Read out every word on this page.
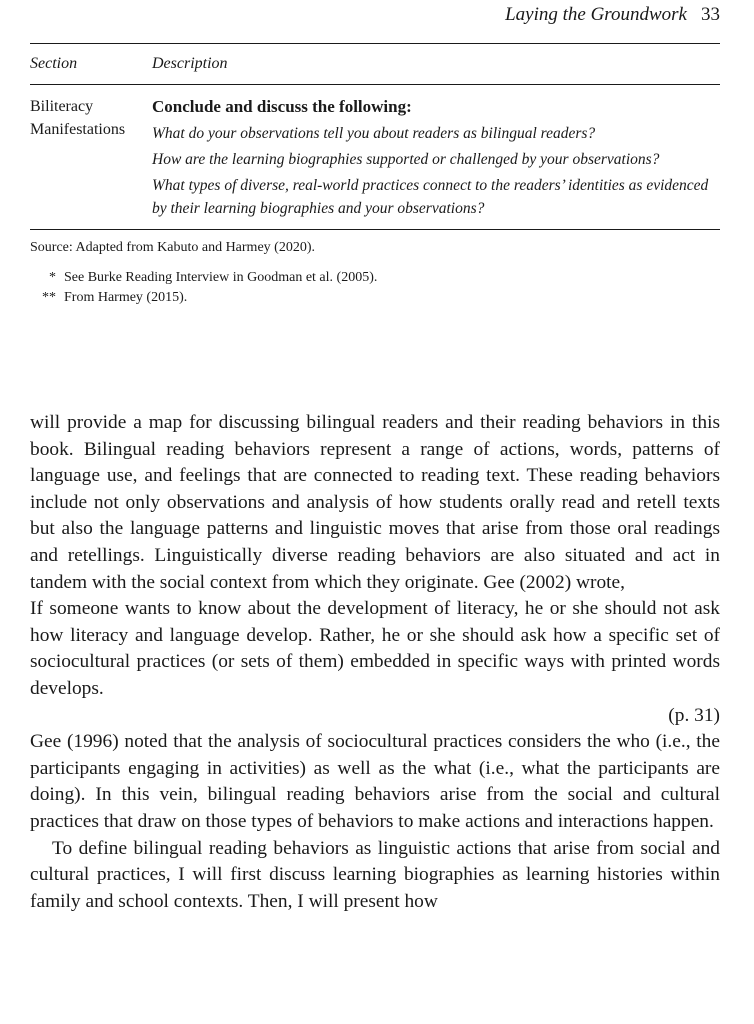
Laying the Groundwork 33
Section	Description
Biliteracy
Manifestations

Conclude and discuss the following:

What do your observations tell you about readers as bilingual readers?

How are the learning biographies supported or challenged by your observations?

What types of diverse, real-world practices connect to the readers’ identities as evidenced by their learning biographies and your observations?

Source: Adapted from Kabuto and Harmey (2020).

* See Burke Reading Interview in Goodman et al. (2005).

** From Harmey (2015).

will provide a map for discussing bilingual readers and their reading behaviors in this book. Bilingual reading behaviors represent a range of actions, words, patterns of language use, and feelings that are connected to reading text. These reading behaviors include not only observations and analysis of how students orally read and retell texts but also the language patterns and linguistic moves that arise from those oral readings and retellings. Linguistically diverse reading behaviors are also situated and act in tandem with the social context from which they originate. Gee (2002) wrote,

If someone wants to know about the development of literacy, he or she should not ask how literacy and language develop. Rather, he or she should ask how a specific set of sociocultural practices (or sets of them) embedded in specific ways with printed words develops.

(p. 31)

Gee (1996) noted that the analysis of sociocultural practices considers the who (i.e., the participants engaging in activities) as well as the what (i.e., what the participants are doing). In this vein, bilingual reading behaviors arise from the social and cultural practices that draw on those types of behaviors to make actions and interactions happen.

To define bilingual reading behaviors as linguistic actions that arise from social and cultural practices, I will first discuss learning biographies as learning histories within family and school contexts. Then, I will present how
